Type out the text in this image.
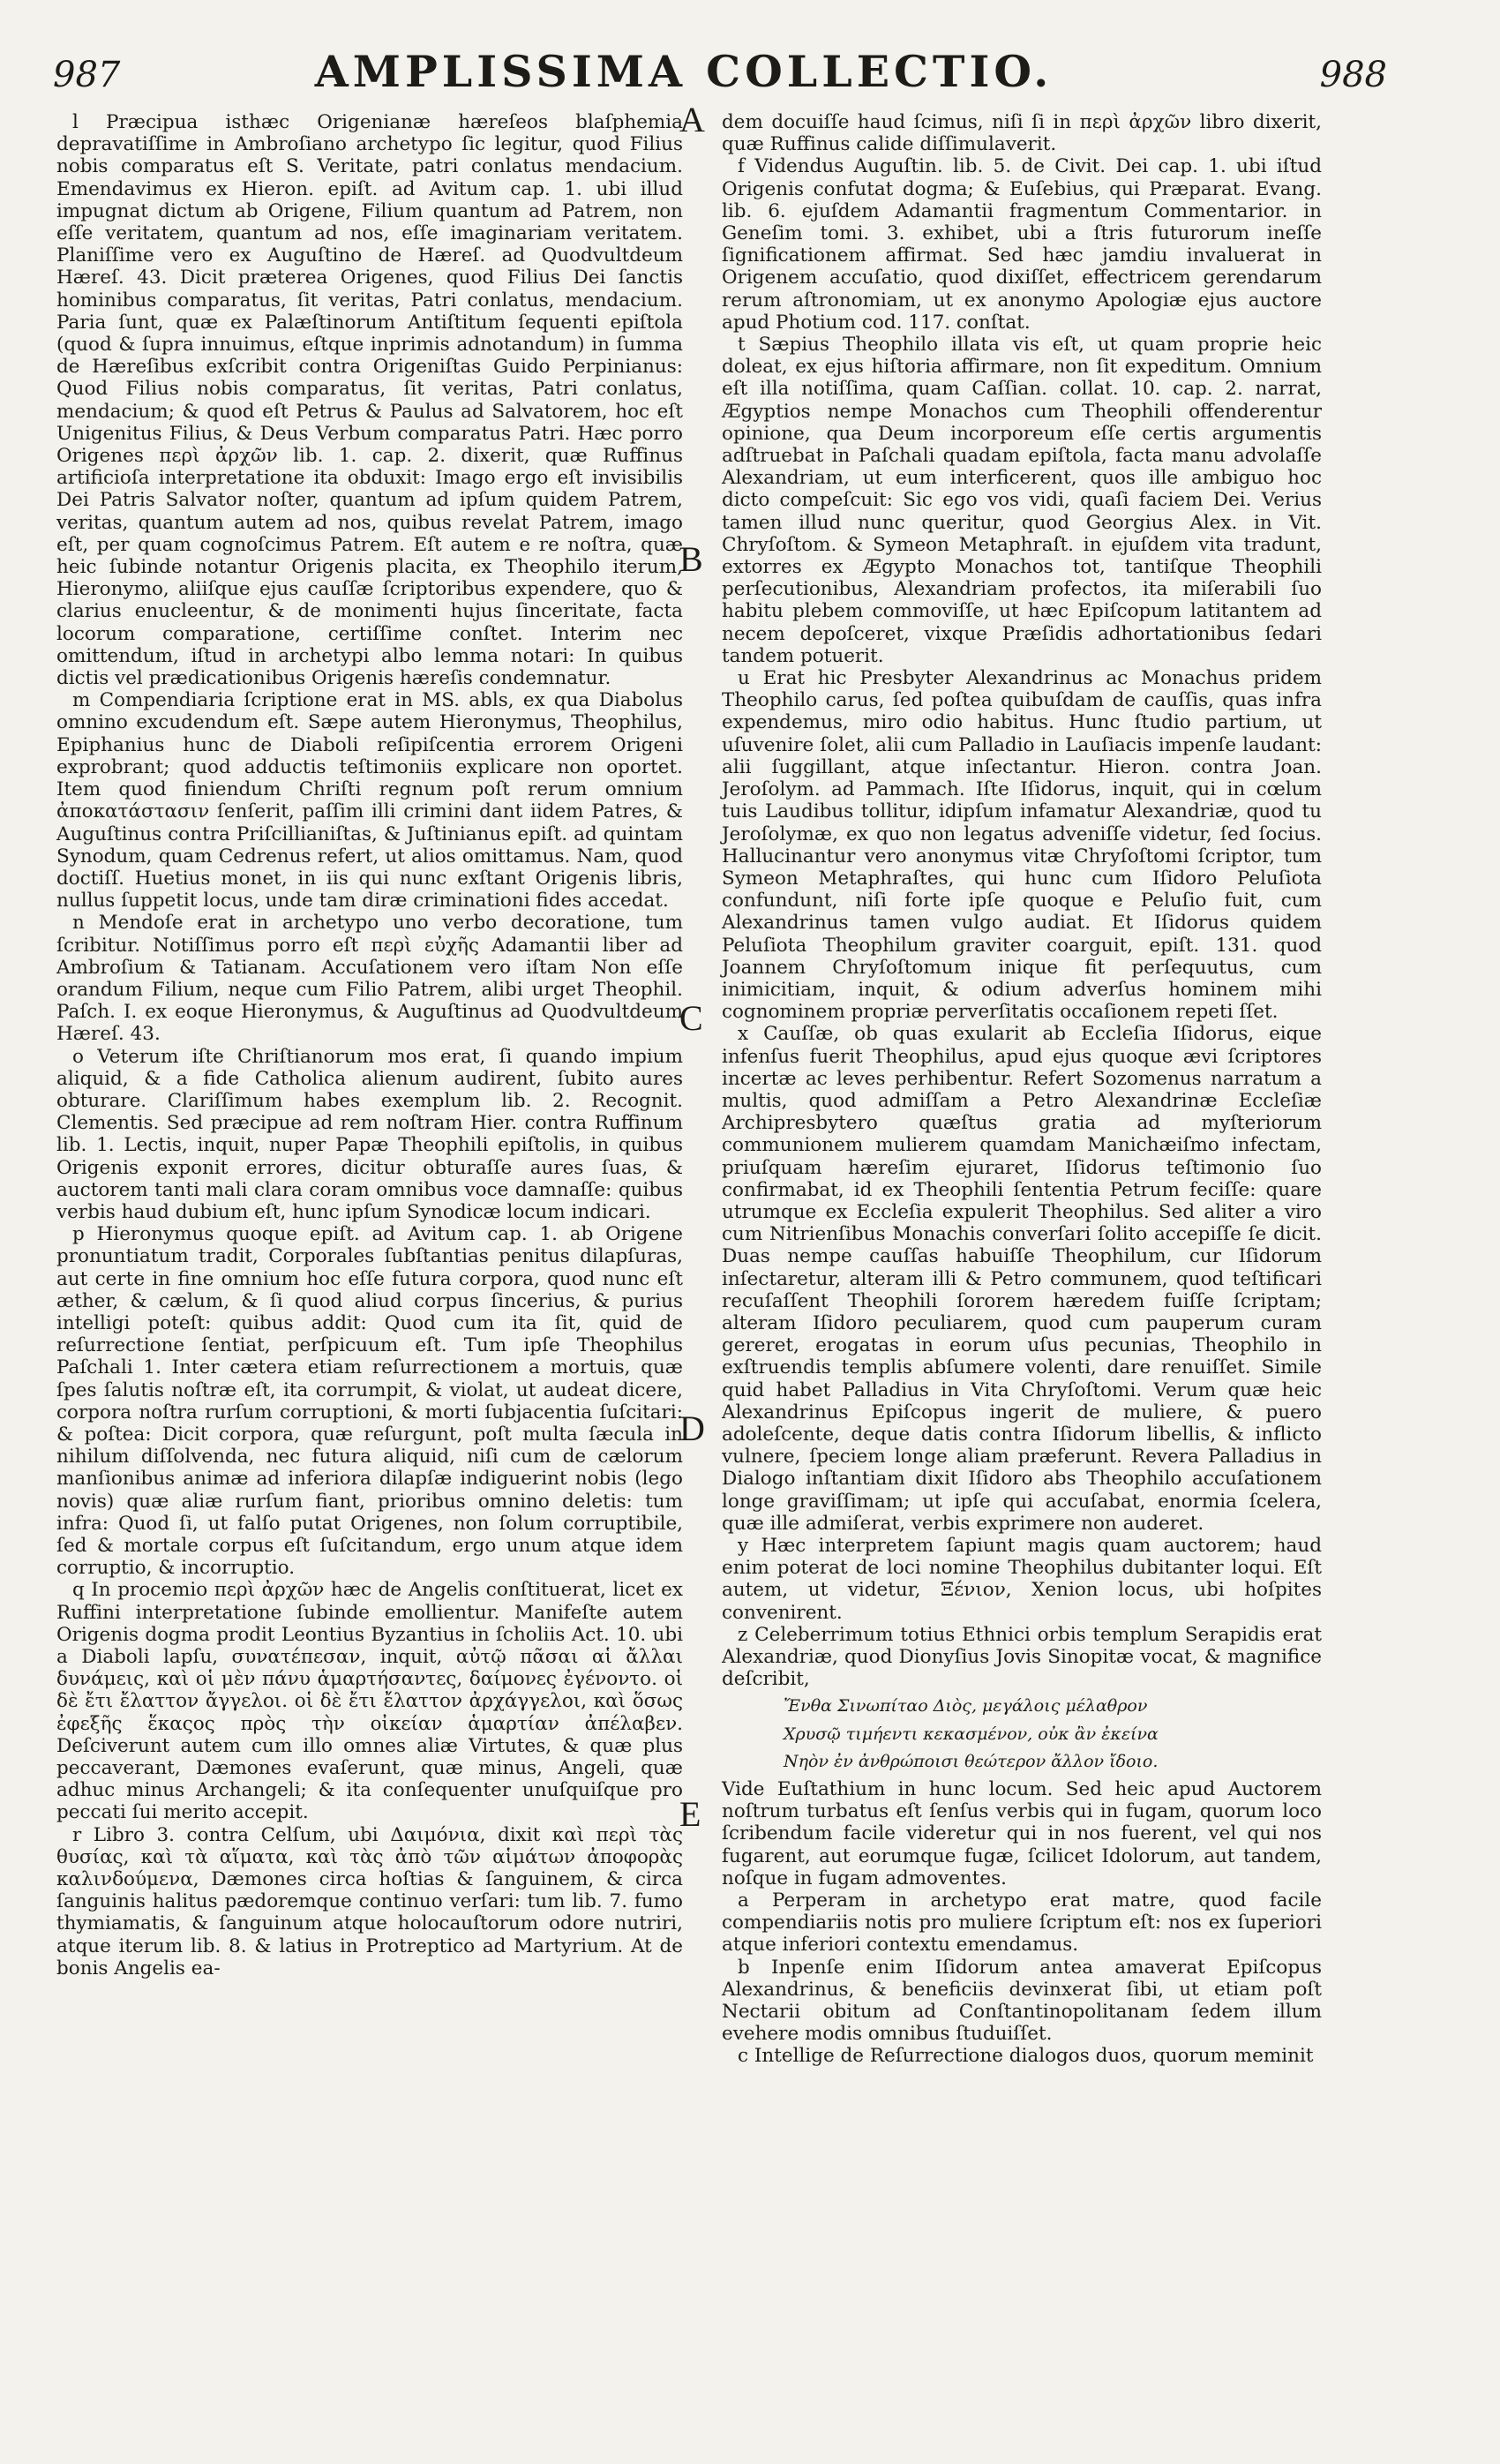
987	AMPLISSIMA COLLECTIO.	988
A
B
C
D
E

l Præcipua isthæc Origenianæ hæreſeos blaſphemia depravatiſſime in Ambroſiano archetypo ſic legitur, quod Filius nobis comparatus eſt S. Veritate, patri conlatus mendacium. Emendavimus ex Hieron. epiſt. ad Avitum cap. 1. ubi illud impugnat dictum ab Origene, Filium quantum ad Patrem, non eſſe veritatem, quantum ad nos, eſſe imaginariam veritatem. Planiſſime vero ex Auguſtino de Hæreſ. ad Quodvultdeum Hæreſ. 43. Dicit præterea Origenes, quod Filius Dei ſanctis hominibus comparatus, ſit veritas, Patri conlatus, mendacium. Paria ſunt, quæ ex Palæſtinorum Antiſtitum ſequenti epiſtola (quod & ſupra innuimus, eſtque inprimis adnotandum) in ſumma de Hæreſibus exſcribit contra Origeniſtas Guido Perpinianus: Quod Filius nobis comparatus, ſit veritas, Patri conlatus, mendacium; & quod eſt Petrus & Paulus ad Salvatorem, hoc eſt Unigenitus Filius, & Deus Verbum comparatus Patri. Hæc porro Origenes περὶ ἀρχῶν lib. 1. cap. 2. dixerit, quæ Ruffinus artificioſa interpretatione ita obduxit: Imago ergo eſt invisibilis Dei Patris Salvator noſter, quantum ad ipſum quidem Patrem, veritas, quantum autem ad nos, quibus revelat Patrem, imago eſt, per quam cognoſcimus Patrem. Eſt autem e re noſtra, quæ heic ſubinde notantur Origenis placita, ex Theophilo iterum, Hieronymo, aliiſque ejus cauſſæ ſcriptoribus expendere, quo & clarius enucleentur, & de monimenti hujus ſinceritate, facta locorum comparatione, certiſſime conſtet. Interim nec omittendum, iſtud in archetypi albo lemma notari: In quibus dictis vel prædicationibus Origenis hæreſis condemnatur.

m Compendiaria ſcriptione erat in MS. abls, ex qua Diabolus omnino excudendum eſt. Sæpe autem Hieronymus, Theophilus, Epiphanius hunc de Diaboli reſipiſcentia errorem Origeni exprobrant; quod adductis teſtimoniis explicare non oportet. Item quod finiendum Chriſti regnum poſt rerum omnium ἀποκατάστασιν ſenſerit, paſſim illi crimini dant iidem Patres, & Auguſtinus contra Priſcillianiſtas, & Juſtinianus epiſt. ad quintam Synodum, quam Cedrenus refert, ut alios omittamus. Nam, quod doctiſſ. Huetius monet, in iis qui nunc exſtant Origenis libris, nullus ſuppetit locus, unde tam diræ criminationi fides accedat.

n Mendoſe erat in archetypo uno verbo decoratione, tum ſcribitur. Notiſſimus porro eſt περὶ εὐχῆς Adamantii liber ad Ambroſium & Tatianam. Accuſationem vero iſtam Non eſſe orandum Filium, neque cum Filio Patrem, alibi urget Theophil. Paſch. I. ex eoque Hieronymus, & Auguſtinus ad Quodvultdeum Hæreſ. 43.

o Veterum iſte Chriſtianorum mos erat, ſi quando impium aliquid, & a fide Catholica alienum audirent, ſubito aures obturare. Clariſſimum habes exemplum lib. 2. Recognit. Clementis. Sed præcipue ad rem noſtram Hier. contra Ruffinum lib. 1. Lectis, inquit, nuper Papæ Theophili epiſtolis, in quibus Origenis exponit errores, dicitur obturaſſe aures ſuas, & auctorem tanti mali clara coram omnibus voce damnaſſe: quibus verbis haud dubium eſt, hunc ipſum Synodicæ locum indicari.

p Hieronymus quoque epiſt. ad Avitum cap. 1. ab Origene pronuntiatum tradit, Corporales ſubſtantias penitus dilapſuras, aut certe in fine omnium hoc eſſe futura corpora, quod nunc eſt æther, & cælum, & ſi quod aliud corpus ſincerius, & purius intelligi poteſt: quibus addit: Quod cum ita ſit, quid de reſurrectione ſentiat, perſpicuum eſt. Tum ipſe Theophilus Paſchali 1. Inter cætera etiam reſurrectionem a mortuis, quæ ſpes ſalutis noſtræ eſt, ita corrumpit, & violat, ut audeat dicere, corpora noſtra rurſum corruptioni, & morti ſubjacentia ſuſcitari: & poſtea: Dicit corpora, quæ reſurgunt, poſt multa ſæcula in nihilum diſſolvenda, nec futura aliquid, niſi cum de cælorum manſionibus animæ ad inferiora dilapſæ indiguerint nobis (lego novis) quæ aliæ rurſum fiant, prioribus omnino deletis: tum infra: Quod ſi, ut falſo putat Origenes, non ſolum corruptibile, ſed & mortale corpus eſt ſuſcitandum, ergo unum atque idem corruptio, & incorruptio.

q In procemio περὶ ἀρχῶν hæc de Angelis conſtituerat, licet ex Ruffini interpretatione ſubinde emollientur. Manifeſte autem Origenis dogma prodit Leontius Byzantius in ſcholiis Act. 10. ubi a Diaboli lapſu, συνατέπεσαν, inquit, αὐτῷ πᾶσαι αἱ ἄλλαι δυνάμεις, καὶ οἱ μὲν πάνυ ἁμαρτήσαντες, δαίμονες ἐγένοντο. οἱ δὲ ἔτι ἔλαττον ἄγγελοι. οἱ δὲ ἔτι ἔλαττον ἀρχάγγελοι, καὶ ὅσως ἐφεξῆς ἕκαςος πρὸς τὴν οἰκείαν ἁμαρτίαν ἀπέλαβεν. Deſciverunt autem cum illo omnes aliæ Virtutes, & quæ plus peccaverant, Dæmones evaſerunt, quæ minus, Angeli, quæ adhuc minus Archangeli; & ita conſequenter unuſquiſque pro peccati ſui merito accepit.

r Libro 3. contra Celſum, ubi Δαιμόνια, dixit καὶ περὶ τὰς θυσίας, καὶ τὰ αἵματα, καὶ τὰς ἀπὸ τῶν αἱμάτων ἀποφορὰς καλινδούμενα, Dæmones circa hoſtias & ſanguinem, & circa ſanguinis halitus pædoremque continuo verſari: tum lib. 7. fumo thymiamatis, & ſanguinum atque holocauſtorum odore nutriri, atque iterum lib. 8. & latius in Protreptico ad Martyrium. At de bonis Angelis ea-

dem docuiſſe haud ſcimus, niſi ſi in περὶ ἀρχῶν libro dixerit, quæ Ruffinus calide diſſimulaverit.

f Videndus Auguſtin. lib. 5. de Civit. Dei cap. 1. ubi iſtud Origenis confutat dogma; & Euſebius, qui Præparat. Evang. lib. 6. ejuſdem Adamantii fragmentum Commentarior. in Geneſim tomi. 3. exhibet, ubi a ſtris futurorum ineſſe ſignificationem affirmat. Sed hæc jamdiu invaluerat in Origenem accuſatio, quod dixiſſet, effectricem gerendarum rerum aſtronomiam, ut ex anonymo Apologiæ ejus auctore apud Photium cod. 117. conſtat.

t Sæpius Theophilo illata vis eſt, ut quam proprie heic doleat, ex ejus hiſtoria affirmare, non ſit expeditum. Omnium eſt illa notiſſima, quam Caſſian. collat. 10. cap. 2. narrat, Ægyptios nempe Monachos cum Theophili offenderentur opinione, qua Deum incorporeum eſſe certis argumentis adſtruebat in Paſchali quadam epiſtola, facta manu advolaſſe Alexandriam, ut eum interficerent, quos ille ambiguo hoc dicto compeſcuit: Sic ego vos vidi, quaſi faciem Dei. Verius tamen illud nunc queritur, quod Georgius Alex. in Vit. Chryſoſtom. & Symeon Metaphraſt. in ejuſdem vita tradunt, extorres ex Ægypto Monachos tot, tantiſque Theophili perſecutionibus, Alexandriam profectos, ita miſerabili ſuo habitu plebem commoviſſe, ut hæc Epiſcopum latitantem ad necem depoſceret, vixque Præſidis adhortationibus ſedari tandem potuerit.

u Erat hic Presbyter Alexandrinus ac Monachus pridem Theophilo carus, ſed poſtea quibuſdam de cauſſis, quas infra expendemus, miro odio habitus. Hunc ſtudio partium, ut uſuvenire ſolet, alii cum Palladio in Lauſiacis impenſe laudant: alii ſuggillant, atque inſectantur. Hieron. contra Joan. Jeroſolym. ad Pammach. Iſte Iſidorus, inquit, qui in cœlum tuis Laudibus tollitur, idipſum infamatur Alexandriæ, quod tu Jeroſolymæ, ex quo non legatus adveniſſe videtur, ſed ſocius. Hallucinantur vero anonymus vitæ Chryſoſtomi ſcriptor, tum Symeon Metaphraſtes, qui hunc cum Iſidoro Peluſiota confundunt, niſi forte ipſe quoque e Peluſio fuit, cum Alexandrinus tamen vulgo audiat. Et Iſidorus quidem Peluſiota Theophilum graviter coarguit, epiſt. 131. quod Joannem Chryſoſtomum inique fit perſequutus, cum inimicitiam, inquit, & odium adverſus hominem mihi cognominem propriæ perverſitatis occaſionem repeti ſſet.

x Cauſſæ, ob quas exularit ab Eccleſia Iſidorus, eique infenſus fuerit Theophilus, apud ejus quoque ævi ſcriptores incertæ ac leves perhibentur. Refert Sozomenus narratum a multis, quod admiſſam a Petro Alexandrinæ Eccleſiæ Archipresbytero quæſtus gratia ad myſteriorum communionem mulierem quamdam Manichæiſmo infectam, priuſquam hæreſim ejuraret, Iſidorus teſtimonio ſuo confirmabat, id ex Theophili ſententia Petrum feciſſe: quare utrumque ex Eccleſia expulerit Theophilus. Sed aliter a viro cum Nitrienſibus Monachis converſari ſolito accepiſſe ſe dicit. Duas nempe cauſſas habuiſſe Theophilum, cur Iſidorum inſectaretur, alteram illi & Petro communem, quod teſtificari recuſaſſent Theophili ſororem hæredem fuiſſe ſcriptam; alteram Iſidoro peculiarem, quod cum pauperum curam gereret, erogatas in eorum uſus pecunias, Theophilo in exſtruendis templis abſumere volenti, dare renuiſſet. Simile quid habet Palladius in Vita Chryſoſtomi. Verum quæ heic Alexandrinus Epiſcopus ingerit de muliere, & puero adoleſcente, deque datis contra Iſidorum libellis, & inflicto vulnere, ſpeciem longe aliam præferunt. Revera Palladius in Dialogo inſtantiam dixit Iſidoro abs Theophilo accuſationem longe graviſſimam; ut ipſe qui accuſabat, enormia ſcelera, quæ ille admiſerat, verbis exprimere non auderet.

y Hæc interpretem ſapiunt magis quam auctorem; haud enim poterat de loci nomine Theophilus dubitanter loqui. Eſt autem, ut videtur, Ξένιον, Xenion locus, ubi hoſpites convenirent.

z Celeberrimum totius Ethnici orbis templum Serapidis erat Alexandriæ, quod Dionyſius Jovis Sinopitæ vocat, & magnifice deſcribit,

Ἔνθα Σινωπίταο Διὸς, μεγάλοις μέλαθρον

Χρυσῷ τιμήεντι κεκασμένον, οὐκ ἂν ἐκείνα

Νηὸν ἐν ἀνθρώποισι θεώτερον ἄλλον ἴδοιο.

Vide Euſtathium in hunc locum. Sed heic apud Auctorem noſtrum turbatus eſt ſenſus verbis qui in fugam, quorum loco ſcribendum facile videretur qui in nos fuerent, vel qui nos fugarent, aut eorumque fugæ, ſcilicet Idolorum, aut tandem, noſque in fugam admoventes.

a Perperam in archetypo erat matre, quod facile compendiariis notis pro muliere ſcriptum eſt: nos ex ſuperiori atque inferiori contextu emendamus.

b Inpenſe enim Iſidorum antea amaverat Epiſcopus Alexandrinus, & beneficiis devinxerat ſibi, ut etiam poſt Nectarii obitum ad Conſtantinopolitanam ſedem illum evehere modis omnibus ſtuduiſſet.

c Intellige de Reſurrectione dialogos duos, quorum meminit
